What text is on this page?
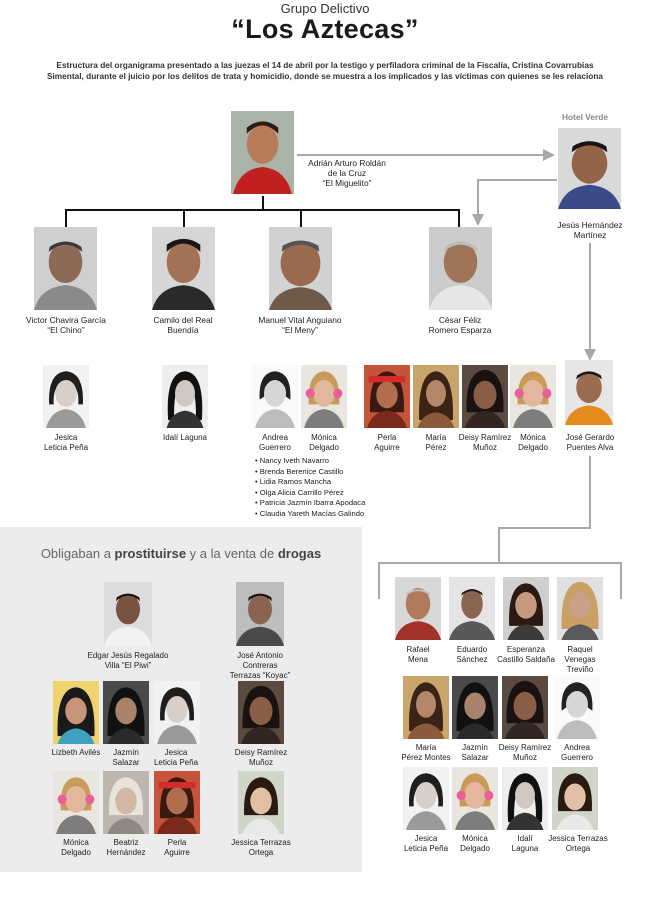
Grupo Delictivo
“Los Aztecas”
Estructura del organigrama presentado a las juezas el 14 de abril por la testigo y perfiladora criminal de la Fiscalía, Cristina Covarrubias
Simental, durante el juicio por los delitos de trata y homicidio, donde se muestra a los implicados y las víctimas con quienes se les relaciona
Adrián Arturo Roldán
de la Cruz
“El Miguelito”
Hotel Verde
Jesús Hernández
Martínez
Victor Chavira García
“El Chino”
Camilo del Real
Buendía
Manuel Vital Anguiano
“El Meny”
César Féliz
Romero Esparza
Jesica
Leticia Peña
Idalí Laguna	Andrea
Guerrero
Mónica
Delgado
Perla
Aguirre
María
Pérez
Deisy Ramírez
Muñoz
Mónica
Delgado
José Gerardo
Puentes Alva
• Nancy Iveth Navarro
• Brenda Berenice Castillo
• Lidia Ramos Mancha
• Olga Alicia Carrillo Pérez
• Patricia Jazmín Ibarra Apodaca
• Claudia Yareth Macías Galindo
Obligaban a prostituirse y a la venta de drogas
Edgar Jesús Regalado
Villa “El Piwi”
José Antonio
Contreras
Terrazas “Koyac”
Lizbeth Avilés	Jazmín
Salazar
Jesica
Leticia Peña
Deisy Ramírez
Muñoz
Mónica
Delgado
Beatriz
Hernández
Perla
Aguirre
Jessica Terrazas
Ortega
Rafael
Mena
Eduardo
Sánchez
Esperanza
Castillo Saldaña
Raquel
Venegas
Treviño
María
Pérez Montes
Jazmín
Salazar
Deisy Ramírez
Muñoz
Andrea
Guerrero
Jesica
Leticia Peña
Mónica
Delgado
Idalí
Laguna
Jessica Terrazas
Ortega
